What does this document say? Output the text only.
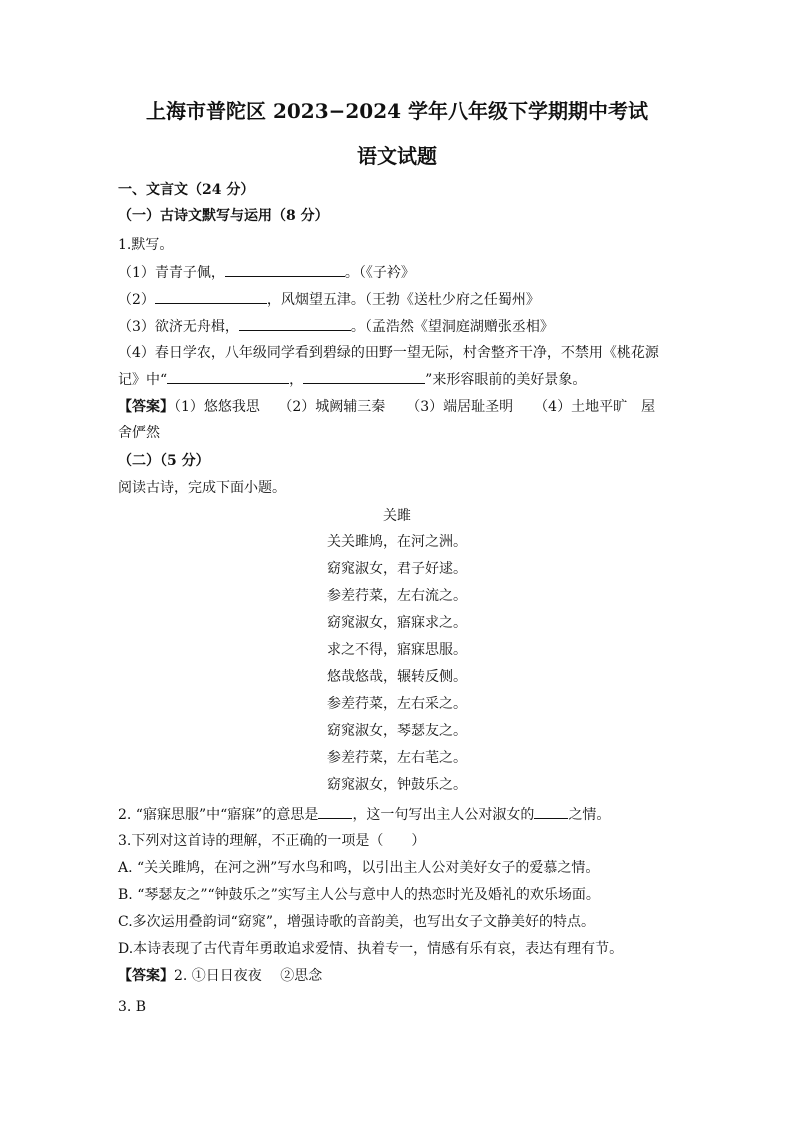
上海市普陀区 2023−2024 学年八年级下学期期中考试
语文试题
一、文言文（24 分）
（一）古诗文默写与运用（8 分）
1.默写。
（1）青青子佩，	。（《子衿》
（2）	，风烟望五津。（王勃《送杜少府之任蜀州》
（3）欲济无舟楫，	。（孟浩然《望洞庭湖赠张丞相》
（4）春日学农，八年级同学看到碧绿的田野一望无际，村舍整齐干净，不禁用《桃花源
记》中“	，	”来形容眼前的美好景象。
【答案】（1）悠悠我思　 （2）城阙辅三秦　　（3）端居耻圣明　　（4）土地平旷　屋
舍俨然
（二）（5 分）
阅读古诗，完成下面小题。
关雎
关关雎鸠，在河之洲。
窈窕淑女，君子好逑。
参差荇菜，左右流之。
窈窕淑女，寤寐求之。
求之不得，寤寐思服。
悠哉悠哉，辗转反侧。
参差荇菜，左右采之。
窈窕淑女，琴瑟友之。
参差荇菜，左右芼之。
窈窕淑女，钟鼓乐之。
2. “寤寐思服”中“寤寐”的意思是 ，这一句写出主人公对淑女的 之情。
3.下列对这首诗的理解，不正确的一项是（　　）
A. “关关雎鸠，在河之洲”写水鸟和鸣，以引出主人公对美好女子的爱慕之情。
B. “琴瑟友之”“钟鼓乐之”实写主人公与意中人的热恋时光及婚礼的欢乐场面。
C.多次运用叠韵词“窈窕”，增强诗歌的音韵美，也写出女子文静美好的特点。
D.本诗表现了古代青年勇敢追求爱情、执着专一，情感有乐有哀，表达有理有节。
【答案】2. ①日日夜夜　 ②思念
3. B
